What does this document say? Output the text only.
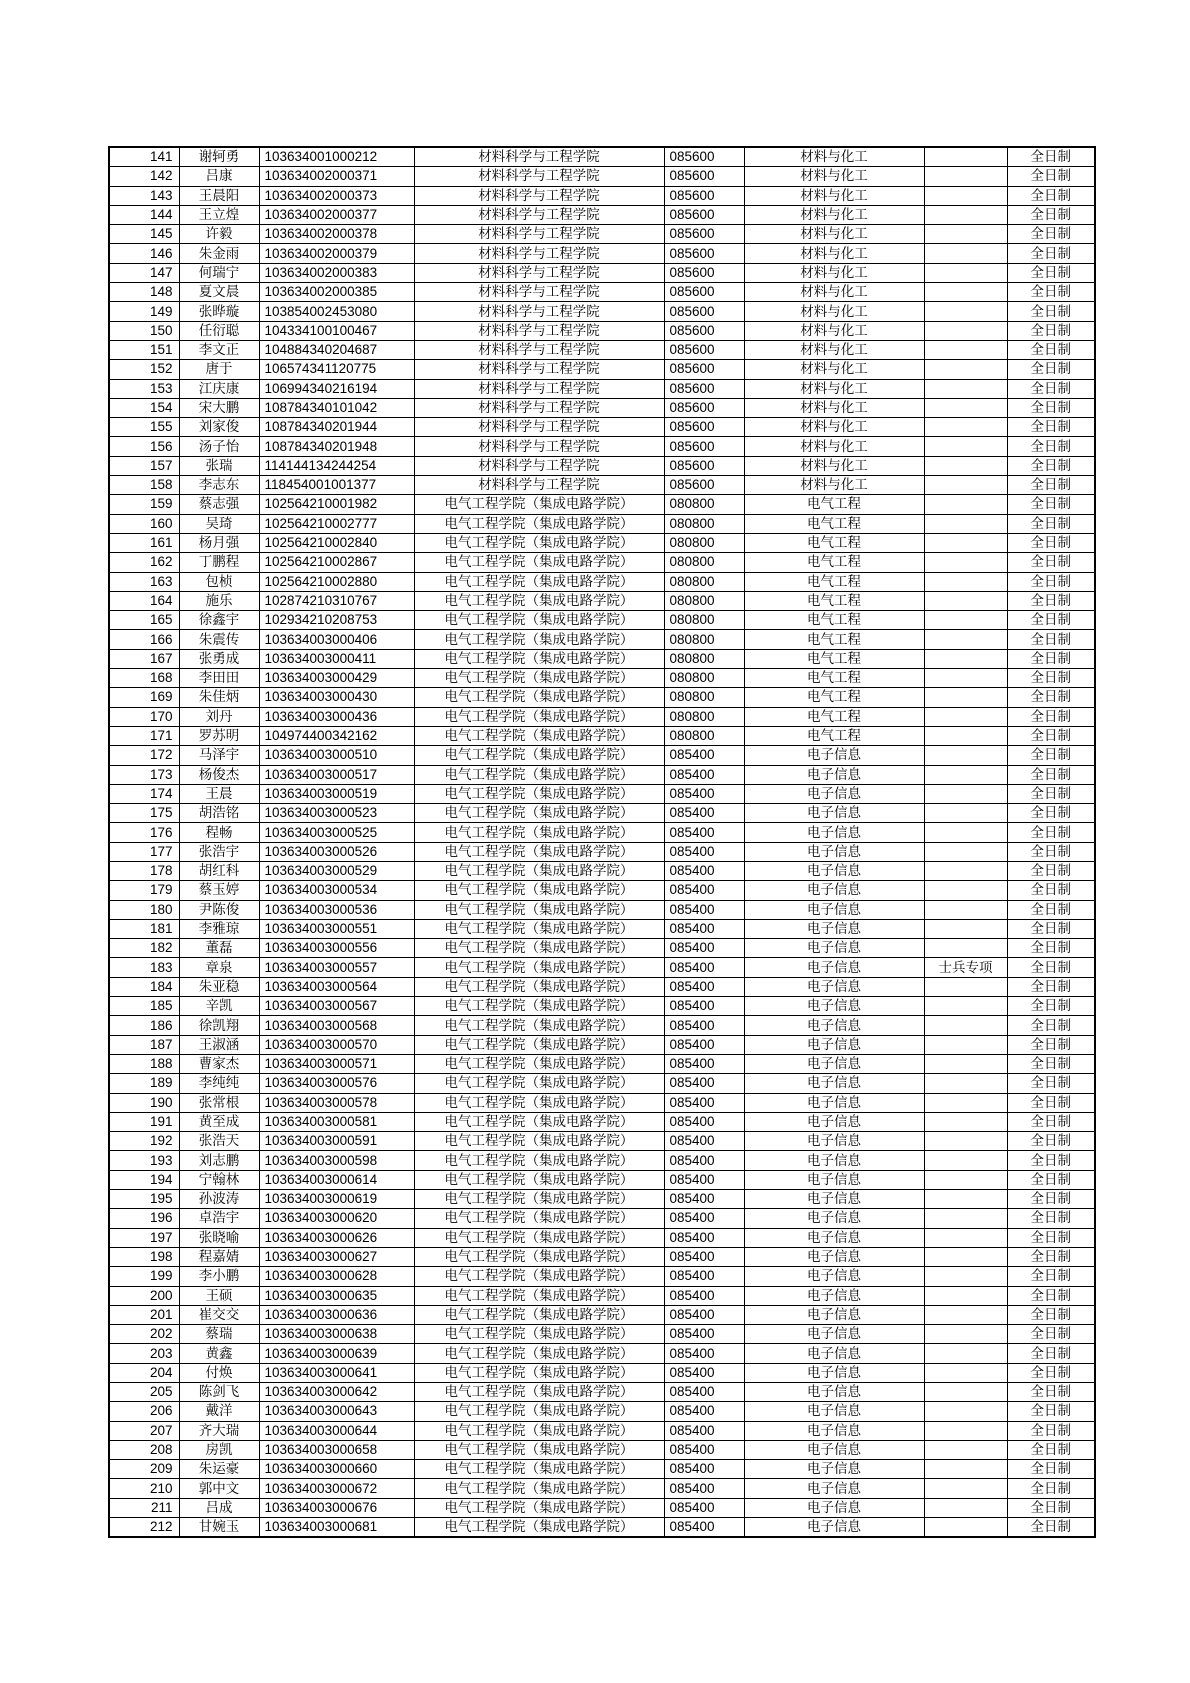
141	谢轲勇	103634001000212	材料科学与工程学院	085600	材料与化工		全日制
142	吕康	103634002000371	材料科学与工程学院	085600	材料与化工		全日制
143	王晨阳	103634002000373	材料科学与工程学院	085600	材料与化工		全日制
144	王立煌	103634002000377	材料科学与工程学院	085600	材料与化工		全日制
145	许毅	103634002000378	材料科学与工程学院	085600	材料与化工		全日制
146	朱金雨	103634002000379	材料科学与工程学院	085600	材料与化工		全日制
147	何瑞宁	103634002000383	材料科学与工程学院	085600	材料与化工		全日制
148	夏文晨	103634002000385	材料科学与工程学院	085600	材料与化工		全日制
149	张晔璇	103854002453080	材料科学与工程学院	085600	材料与化工		全日制
150	任衍聪	104334100100467	材料科学与工程学院	085600	材料与化工		全日制
151	李文正	104884340204687	材料科学与工程学院	085600	材料与化工		全日制
152	唐于	106574341120775	材料科学与工程学院	085600	材料与化工		全日制
153	江庆康	106994340216194	材料科学与工程学院	085600	材料与化工		全日制
154	宋大鹏	108784340101042	材料科学与工程学院	085600	材料与化工		全日制
155	刘家俊	108784340201944	材料科学与工程学院	085600	材料与化工		全日制
156	汤子怡	108784340201948	材料科学与工程学院	085600	材料与化工		全日制
157	张瑞	114144134244254	材料科学与工程学院	085600	材料与化工		全日制
158	李志东	118454001001377	材料科学与工程学院	085600	材料与化工		全日制
159	蔡志强	102564210001982	电气工程学院（集成电路学院）	080800	电气工程		全日制
160	吴琦	102564210002777	电气工程学院（集成电路学院）	080800	电气工程		全日制
161	杨月强	102564210002840	电气工程学院（集成电路学院）	080800	电气工程		全日制
162	丁鹏程	102564210002867	电气工程学院（集成电路学院）	080800	电气工程		全日制
163	包桢	102564210002880	电气工程学院（集成电路学院）	080800	电气工程		全日制
164	施乐	102874210310767	电气工程学院（集成电路学院）	080800	电气工程		全日制
165	徐鑫宇	102934210208753	电气工程学院（集成电路学院）	080800	电气工程		全日制
166	朱震传	103634003000406	电气工程学院（集成电路学院）	080800	电气工程		全日制
167	张勇成	103634003000411	电气工程学院（集成电路学院）	080800	电气工程		全日制
168	李田田	103634003000429	电气工程学院（集成电路学院）	080800	电气工程		全日制
169	朱佳炳	103634003000430	电气工程学院（集成电路学院）	080800	电气工程		全日制
170	刘丹	103634003000436	电气工程学院（集成电路学院）	080800	电气工程		全日制
171	罗苏明	104974400342162	电气工程学院（集成电路学院）	080800	电气工程		全日制
172	马泽宇	103634003000510	电气工程学院（集成电路学院）	085400	电子信息		全日制
173	杨俊杰	103634003000517	电气工程学院（集成电路学院）	085400	电子信息		全日制
174	王晨	103634003000519	电气工程学院（集成电路学院）	085400	电子信息		全日制
175	胡浩铭	103634003000523	电气工程学院（集成电路学院）	085400	电子信息		全日制
176	程畅	103634003000525	电气工程学院（集成电路学院）	085400	电子信息		全日制
177	张浩宇	103634003000526	电气工程学院（集成电路学院）	085400	电子信息		全日制
178	胡红科	103634003000529	电气工程学院（集成电路学院）	085400	电子信息		全日制
179	蔡玉婷	103634003000534	电气工程学院（集成电路学院）	085400	电子信息		全日制
180	尹陈俊	103634003000536	电气工程学院（集成电路学院）	085400	电子信息		全日制
181	李雅琼	103634003000551	电气工程学院（集成电路学院）	085400	电子信息		全日制
182	董磊	103634003000556	电气工程学院（集成电路学院）	085400	电子信息		全日制
183	章泉	103634003000557	电气工程学院（集成电路学院）	085400	电子信息	士兵专项	全日制
184	朱亚稳	103634003000564	电气工程学院（集成电路学院）	085400	电子信息		全日制
185	辛凯	103634003000567	电气工程学院（集成电路学院）	085400	电子信息		全日制
186	徐凯翔	103634003000568	电气工程学院（集成电路学院）	085400	电子信息		全日制
187	王淑涵	103634003000570	电气工程学院（集成电路学院）	085400	电子信息		全日制
188	曹家杰	103634003000571	电气工程学院（集成电路学院）	085400	电子信息		全日制
189	李纯纯	103634003000576	电气工程学院（集成电路学院）	085400	电子信息		全日制
190	张常根	103634003000578	电气工程学院（集成电路学院）	085400	电子信息		全日制
191	黄至成	103634003000581	电气工程学院（集成电路学院）	085400	电子信息		全日制
192	张浩天	103634003000591	电气工程学院（集成电路学院）	085400	电子信息		全日制
193	刘志鹏	103634003000598	电气工程学院（集成电路学院）	085400	电子信息		全日制
194	宁翰林	103634003000614	电气工程学院（集成电路学院）	085400	电子信息		全日制
195	孙波涛	103634003000619	电气工程学院（集成电路学院）	085400	电子信息		全日制
196	卓浩宇	103634003000620	电气工程学院（集成电路学院）	085400	电子信息		全日制
197	张晓喻	103634003000626	电气工程学院（集成电路学院）	085400	电子信息		全日制
198	程嘉婧	103634003000627	电气工程学院（集成电路学院）	085400	电子信息		全日制
199	李小鹏	103634003000628	电气工程学院（集成电路学院）	085400	电子信息		全日制
200	王硕	103634003000635	电气工程学院（集成电路学院）	085400	电子信息		全日制
201	崔交交	103634003000636	电气工程学院（集成电路学院）	085400	电子信息		全日制
202	蔡瑞	103634003000638	电气工程学院（集成电路学院）	085400	电子信息		全日制
203	黄鑫	103634003000639	电气工程学院（集成电路学院）	085400	电子信息		全日制
204	付焕	103634003000641	电气工程学院（集成电路学院）	085400	电子信息		全日制
205	陈剑飞	103634003000642	电气工程学院（集成电路学院）	085400	电子信息		全日制
206	戴洋	103634003000643	电气工程学院（集成电路学院）	085400	电子信息		全日制
207	齐大瑞	103634003000644	电气工程学院（集成电路学院）	085400	电子信息		全日制
208	房凯	103634003000658	电气工程学院（集成电路学院）	085400	电子信息		全日制
209	朱运豪	103634003000660	电气工程学院（集成电路学院）	085400	电子信息		全日制
210	郭中文	103634003000672	电气工程学院（集成电路学院）	085400	电子信息		全日制
211	吕成	103634003000676	电气工程学院（集成电路学院）	085400	电子信息		全日制
212	甘婉玉	103634003000681	电气工程学院（集成电路学院）	085400	电子信息		全日制
